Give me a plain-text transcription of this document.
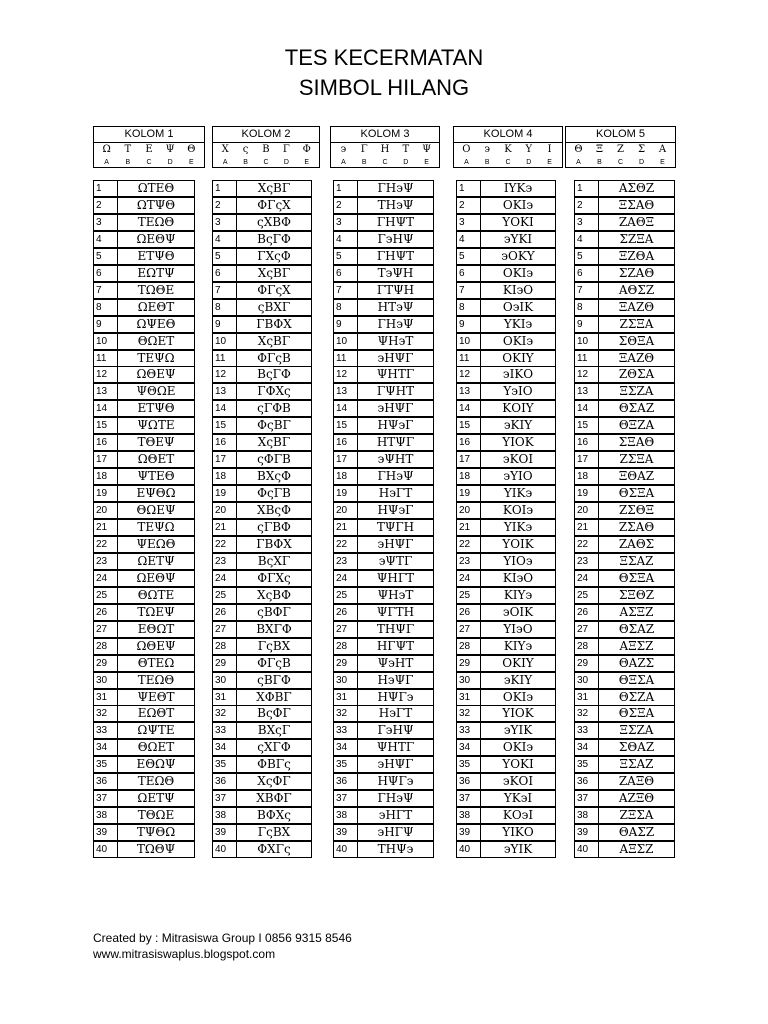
TES KECERMATAN
SIMBOL HILANG
KOLOM 1
Ω	Τ	Ε	Ψ	Θ
A	B	C	D	E
KOLOM 2
Χ	ς	Β	Γ	Φ
A	B	C	D	E
KOLOM 3
϶	Γ	Η	Τ	Ψ
A	B	C	D	E
KOLOM 4
Ο	϶	Κ	Υ	Ι
A	B	C	D	E
KOLOM 5
Θ	Ξ	Ζ	Σ	Α
A	B	C	D	E
1	ΩΤΕΘ
2	ΩΤΨΘ
3	ΤΕΩΘ
4	ΩΕΘΨ
5	ΕΤΨΘ
6	ΕΩΤΨ
7	ΤΩΘΕ
8	ΩΕΘΤ
9	ΩΨΕΘ
10	ΘΩΕΤ
11	ΤΕΨΩ
12	ΩΘΕΨ
13	ΨΘΩΕ
14	ΕΤΨΘ
15	ΨΩΤΕ
16	ΤΘΕΨ
17	ΩΘΕΤ
18	ΨΤΕΘ
19	ΕΨΘΩ
20	ΘΩΕΨ
21	ΤΕΨΩ
22	ΨΕΩΘ
23	ΩΕΤΨ
24	ΩΕΘΨ
25	ΘΩΤΕ
26	ΤΩΕΨ
27	ΕΘΩΤ
28	ΩΘΕΨ
29	ΘΤΕΩ
30	ΤΕΩΘ
31	ΨΕΘΤ
32	ΕΩΘΤ
33	ΩΨΤΕ
34	ΘΩΕΤ
35	ΕΘΩΨ
36	ΤΕΩΘ
37	ΩΕΤΨ
38	ΤΘΩΕ
39	ΤΨΘΩ
40	ΤΩΘΨ
1	ΧςΒΓ
2	ΦΓςΧ
3	ςΧΒΦ
4	ΒςΓΦ
5	ΓΧςΦ
6	ΧςΒΓ
7	ΦΓςΧ
8	ςΒΧΓ
9	ΓΒΦΧ
10	ΧςΒΓ
11	ΦΓςΒ
12	ΒςΓΦ
13	ΓΦΧς
14	ςΓΦΒ
15	ΦςΒΓ
16	ΧςΒΓ
17	ςΦΓΒ
18	ΒΧςΦ
19	ΦςΓΒ
20	ΧΒςΦ
21	ςΓΒΦ
22	ΓΒΦΧ
23	ΒςΧΓ
24	ΦΓΧς
25	ΧςΒΦ
26	ςΒΦΓ
27	ΒΧΓΦ
28	ΓςΒΧ
29	ΦΓςΒ
30	ςΒΓΦ
31	ΧΦΒΓ
32	ΒςΦΓ
33	ΒΧςΓ
34	ςΧΓΦ
35	ΦΒΓς
36	ΧςΦΓ
37	ΧΒΦΓ
38	ΒΦΧς
39	ΓςΒΧ
40	ΦΧΓς
1	ΓΗ϶Ψ
2	ΤΗ϶Ψ
3	ΓΗΨΤ
4	Γ϶ΗΨ
5	ΓΗΨΤ
6	Τ϶ΨΗ
7	ΓΤΨΗ
8	ΗΤ϶Ψ
9	ΓΗ϶Ψ
10	ΨΗ϶Τ
11	϶ΗΨΓ
12	ΨΗΤΓ
13	ΓΨΗΤ
14	϶ΗΨΓ
15	ΗΨ϶Γ
16	ΗΤΨΓ
17	϶ΨΗΤ
18	ΓΗ϶Ψ
19	Η϶ΓΤ
20	ΗΨ϶Γ
21	ΤΨΓΗ
22	϶ΗΨΓ
23	϶ΨΤΓ
24	ΨΗΓΤ
25	ΨΗ϶Τ
26	ΨΓΤΗ
27	ΤΗΨΓ
28	ΗΓΨΤ
29	Ψ϶ΗΤ
30	Η϶ΨΓ
31	ΗΨΓ϶
32	Η϶ΓΤ
33	Γ϶ΗΨ
34	ΨΗΤΓ
35	϶ΗΨΓ
36	ΗΨΓ϶
37	ΓΗ϶Ψ
38	϶ΗΓΤ
39	϶ΗΓΨ
40	ΤΗΨ϶
1	ΙΥΚ϶
2	ΟΚΙ϶
3	ΥΟΚΙ
4	϶ΥΚΙ
5	϶ΟΚΥ
6	ΟΚΙ϶
7	ΚΙ϶Ο
8	Ο϶ΙΚ
9	ΥΚΙ϶
10	ΟΚΙ϶
11	ΟΚΙΥ
12	϶ΙΚΟ
13	Υ϶ΙΟ
14	ΚΟΙΥ
15	϶ΚΙΥ
16	ΥΙΟΚ
17	϶ΚΟΙ
18	϶ΥΙΟ
19	ΥΙΚ϶
20	ΚΟΙ϶
21	ΥΙΚ϶
22	ΥΟΙΚ
23	ΥΙΟ϶
24	ΚΙ϶Ο
25	ΚΙΥ϶
26	϶ΟΙΚ
27	ΥΙ϶Ο
28	ΚΙΥ϶
29	ΟΚΙΥ
30	϶ΚΙΥ
31	ΟΚΙ϶
32	ΥΙΟΚ
33	϶ΥΙΚ
34	ΟΚΙ϶
35	ΥΟΚΙ
36	϶ΚΟΙ
37	ΥΚ϶Ι
38	ΚΟ϶Ι
39	ΥΙΚΟ
40	϶ΥΙΚ
1	ΑΣΘΖ
2	ΞΣΑΘ
3	ΖΑΘΞ
4	ΣΖΞΑ
5	ΞΖΘΑ
6	ΣΖΑΘ
7	ΑΘΣΖ
8	ΞΑΖΘ
9	ΖΣΞΑ
10	ΣΘΞΑ
11	ΞΑΖΘ
12	ΖΘΣΑ
13	ΞΣΖΑ
14	ΘΣΑΖ
15	ΘΞΖΑ
16	ΣΞΑΘ
17	ΖΣΞΑ
18	ΞΘΑΖ
19	ΘΣΞΑ
20	ΖΣΘΞ
21	ΖΣΑΘ
22	ΖΑΘΣ
23	ΞΣΑΖ
24	ΘΣΞΑ
25	ΣΞΘΖ
26	ΑΣΞΖ
27	ΘΣΑΖ
28	ΑΞΣΖ
29	ΘΑΖΣ
30	ΘΞΣΑ
31	ΘΣΖΑ
32	ΘΣΞΑ
33	ΞΣΖΑ
34	ΣΘΑΖ
35	ΞΣΑΖ
36	ΖΑΞΘ
37	ΑΖΞΘ
38	ΖΞΣΑ
39	ΘΑΣΖ
40	ΑΞΣΖ
Created by : Mitrasiswa Group I 0856 9315 8546
www.mitrasiswaplus.blogspot.com
